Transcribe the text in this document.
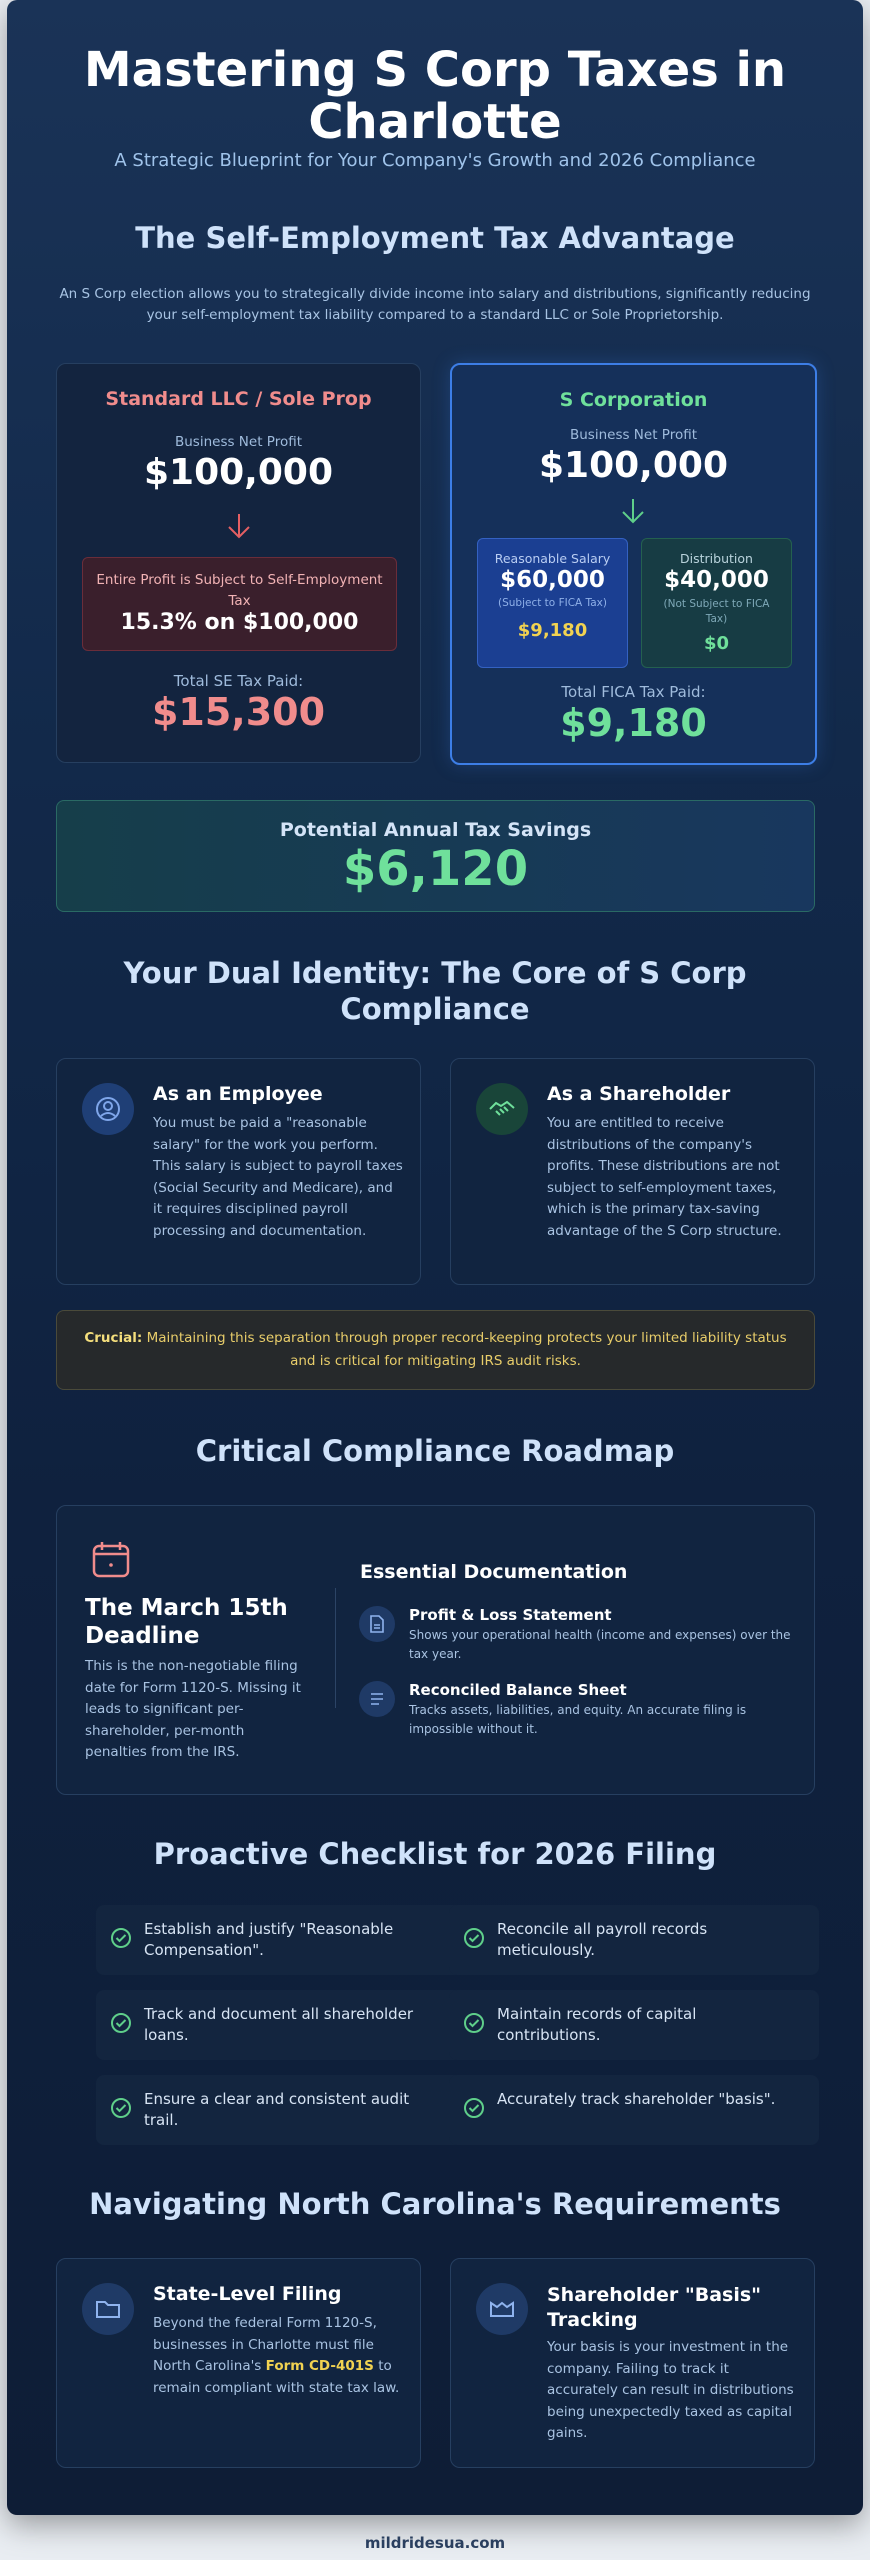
Mastering S Corp Taxes in Charlotte
A Strategic Blueprint for Your Company's Growth and 2026 Compliance
The Self-Employment Tax Advantage
An S Corp election allows you to strategically divide income into salary and distributions, significantly reducing your self-employment tax liability compared to a standard LLC or Sole Proprietorship.
Standard LLC / Sole Prop
Business Net Profit
$100,000
Entire Profit is Subject to Self-Employment Tax
15.3% on $100,000
Total SE Tax Paid:
$15,300
S Corporation
Business Net Profit
$100,000
Reasonable Salary
$60,000
(Subject to FICA Tax)
$9,180
Distribution
$40,000
(Not Subject to FICA Tax)
$0
Total FICA Tax Paid:
$9,180
Potential Annual Tax Savings
$6,120
Your Dual Identity: The Core of S Corp Compliance
As an Employee
You must be paid a "reasonable salary" for the work you perform. This salary is subject to payroll taxes (Social Security and Medicare), and it requires disciplined payroll processing and documentation.
As a Shareholder
You are entitled to receive distributions of the company's profits. These distributions are not subject to self-employment taxes, which is the primary tax-saving advantage of the S Corp structure.
Crucial: Maintaining this separation through proper record-keeping protects your limited liability status and is critical for mitigating IRS audit risks.
Critical Compliance Roadmap
The March 15th Deadline
This is the non-negotiable filing date for Form 1120-S. Missing it leads to significant per-shareholder, per-month penalties from the IRS.
Essential Documentation
Profit & Loss Statement
Shows your operational health (income and expenses) over the tax year.
Reconciled Balance Sheet
Tracks assets, liabilities, and equity. An accurate filing is impossible without it.
Proactive Checklist for 2026 Filing
Establish and justify "Reasonable Compensation".
Reconcile all payroll records meticulously.
Track and document all shareholder loans.
Maintain records of capital contributions.
Ensure a clear and consistent audit trail.
Accurately track shareholder "basis".
Navigating North Carolina's Requirements
State-Level Filing
Beyond the federal Form 1120-S, businesses in Charlotte must file North Carolina's Form CD-401S to remain compliant with state tax law.
Shareholder "Basis" Tracking
Your basis is your investment in the company. Failing to track it accurately can result in distributions being unexpectedly taxed as capital gains.
mildridesua.com
